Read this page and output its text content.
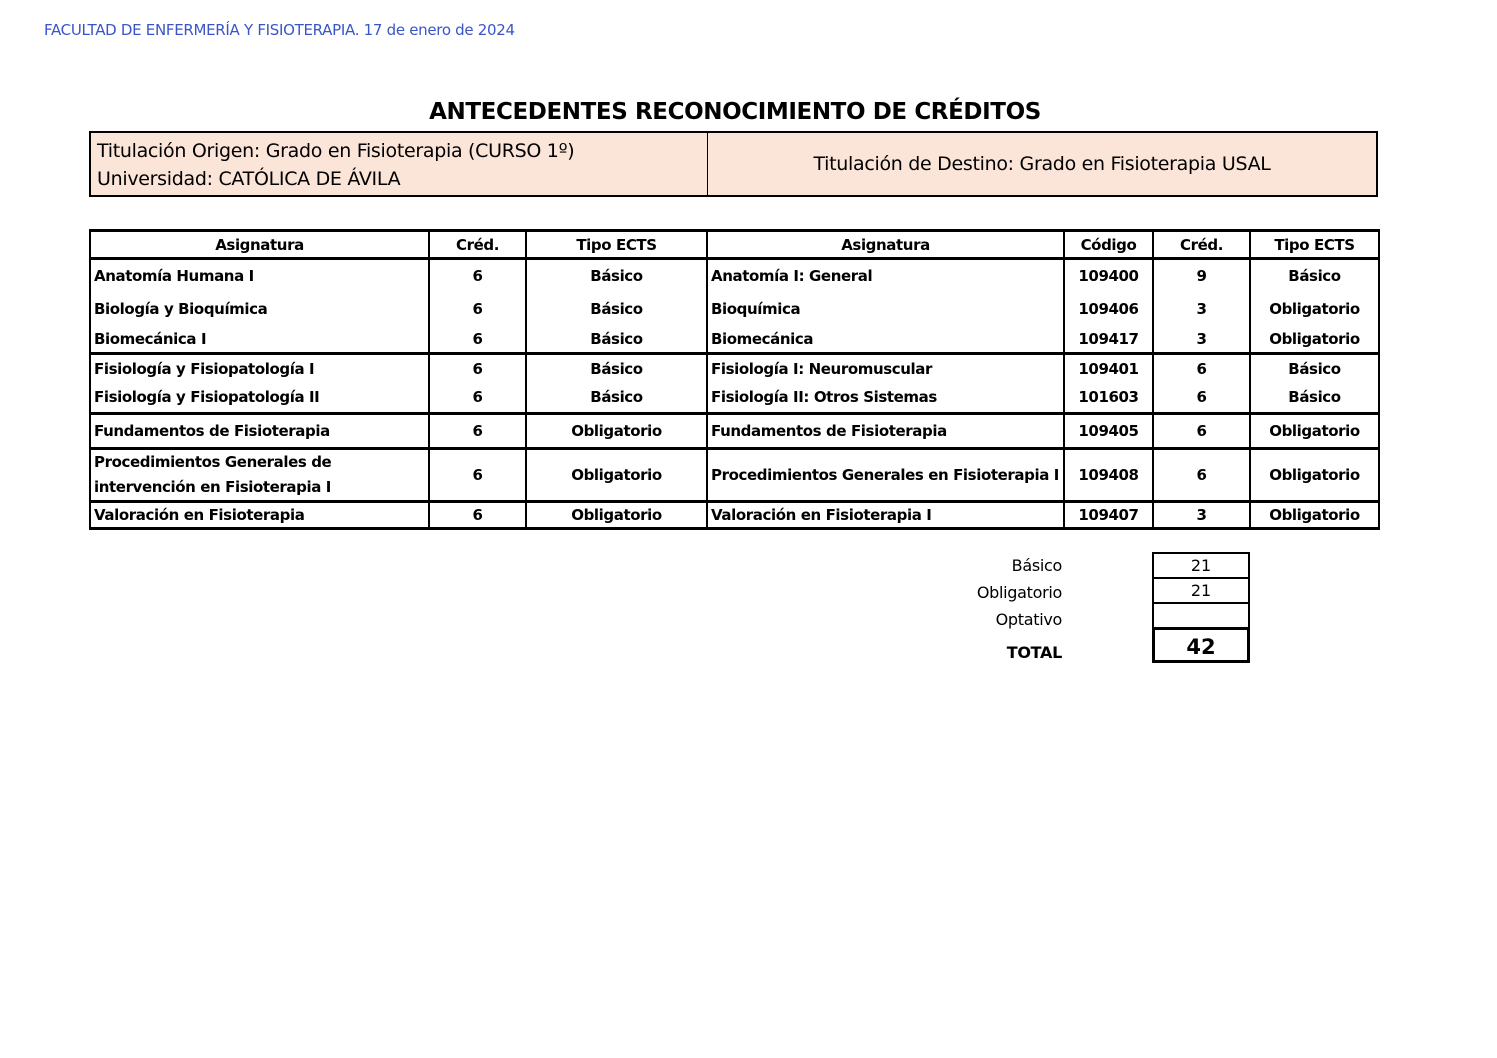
FACULTAD DE ENFERMERÍA Y FISIOTERAPIA. 17 de enero de 2024
ANTECEDENTES RECONOCIMIENTO DE CRÉDITOS
Titulación Origen: Grado en Fisioterapia (CURSO 1º)
Universidad: CATÓLICA DE ÁVILA
Titulación de Destino: Grado en Fisioterapia USAL
Asignatura	Créd.	Tipo ECTS	Asignatura	Código	Créd.	Tipo ECTS
Anatomía Humana I	6	Básico	Anatomía I: General	109400	9	Básico
Biología y Bioquímica	6	Básico	Bioquímica	109406	3	Obligatorio
Biomecánica I	6	Básico	Biomecánica	109417	3	Obligatorio
Fisiología y Fisiopatología I	6	Básico	Fisiología I: Neuromuscular	109401	6	Básico
Fisiología y Fisiopatología II	6	Básico	Fisiología II: Otros Sistemas	101603	6	Básico
Fundamentos de Fisioterapia	6	Obligatorio	Fundamentos de Fisioterapia	109405	6	Obligatorio
Procedimientos Generales de intervención en Fisioterapia I	6	Obligatorio	Procedimientos Generales en Fisioterapia I	109408	6	Obligatorio
Valoración en Fisioterapia	6	Obligatorio	Valoración en Fisioterapia I	109407	3	Obligatorio
Básico	21
Obligatorio	21
Optativo
TOTAL	42
